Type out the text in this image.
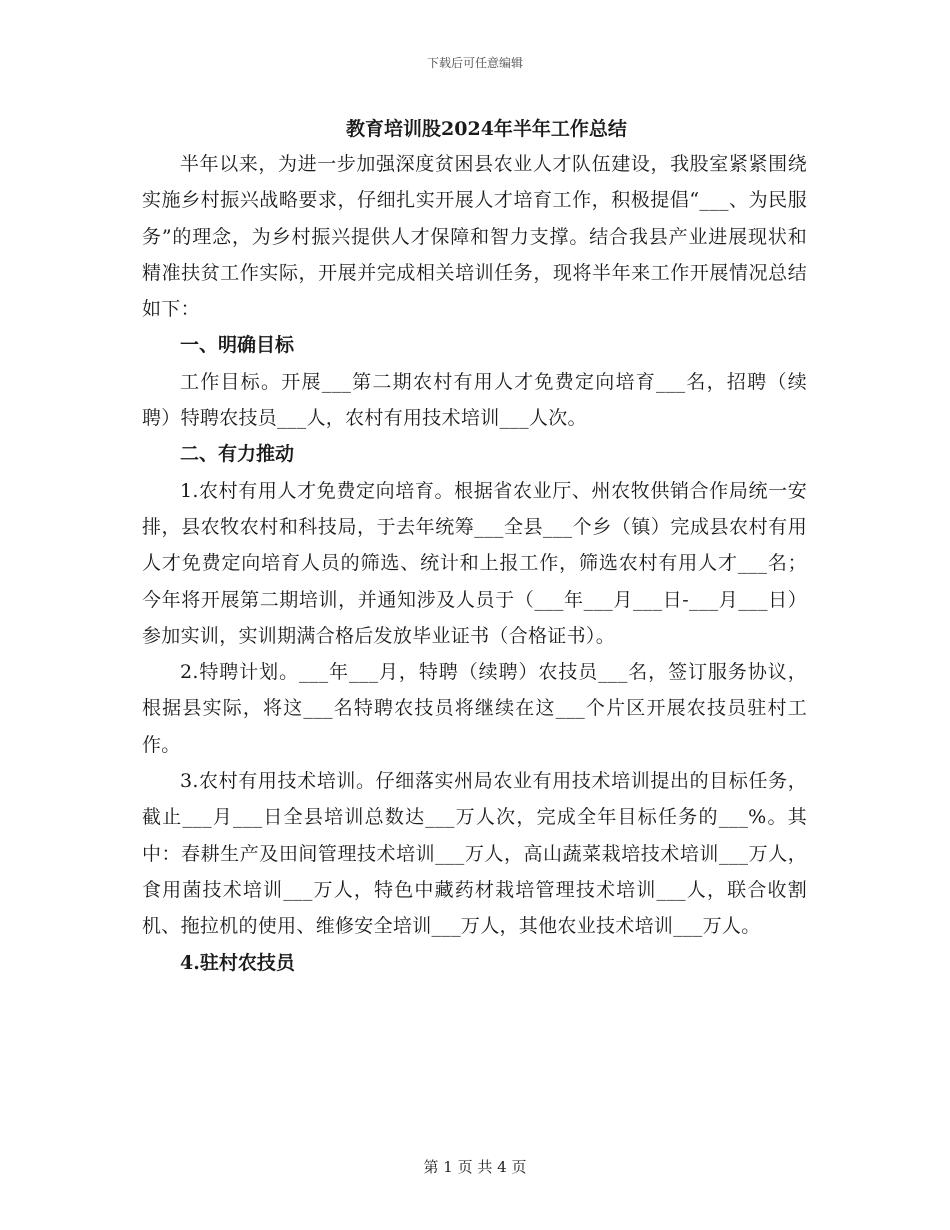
下载后可任意编辑

教育培训股2024年半年工作总结

半年以来，为进一步加强深度贫困县农业人才队伍建设，我股室紧紧围绕实施乡村振兴战略要求，仔细扎实开展人才培育工作，积极提倡“___、为民服务”的理念，为乡村振兴提供人才保障和智力支撑。结合我县产业进展现状和精准扶贫工作实际，开展并完成相关培训任务，现将半年来工作开展情况总结如下：

一、明确目标

工作目标。开展___第二期农村有用人才免费定向培育___名，招聘（续聘）特聘农技员___人，农村有用技术培训___人次。

二、有力推动

1.农村有用人才免费定向培育。根据省农业厅、州农牧供销合作局统一安排，县农牧农村和科技局，于去年统筹___全县___个乡（镇）完成县农村有用人才免费定向培育人员的筛选、统计和上报工作，筛选农村有用人才___名；今年将开展第二期培训，并通知涉及人员于（___年___月___日-___月___日）参加实训，实训期满合格后发放毕业证书（合格证书）。

2.特聘计划。___年___月，特聘（续聘）农技员___名，签订服务协议，根据县实际，将这___名特聘农技员将继续在这___个片区开展农技员驻村工作。

3.农村有用技术培训。仔细落实州局农业有用技术培训提出的目标任务，截止___月___日全县培训总数达___万人次，完成全年目标任务的___%。其中：春耕生产及田间管理技术培训___万人，高山蔬菜栽培技术培训___万人，食用菌技术培训___万人，特色中藏药材栽培管理技术培训___人，联合收割机、拖拉机的使用、维修安全培训___万人，其他农业技术培训___万人。

4.驻村农技员

第 1 页 共 4 页
